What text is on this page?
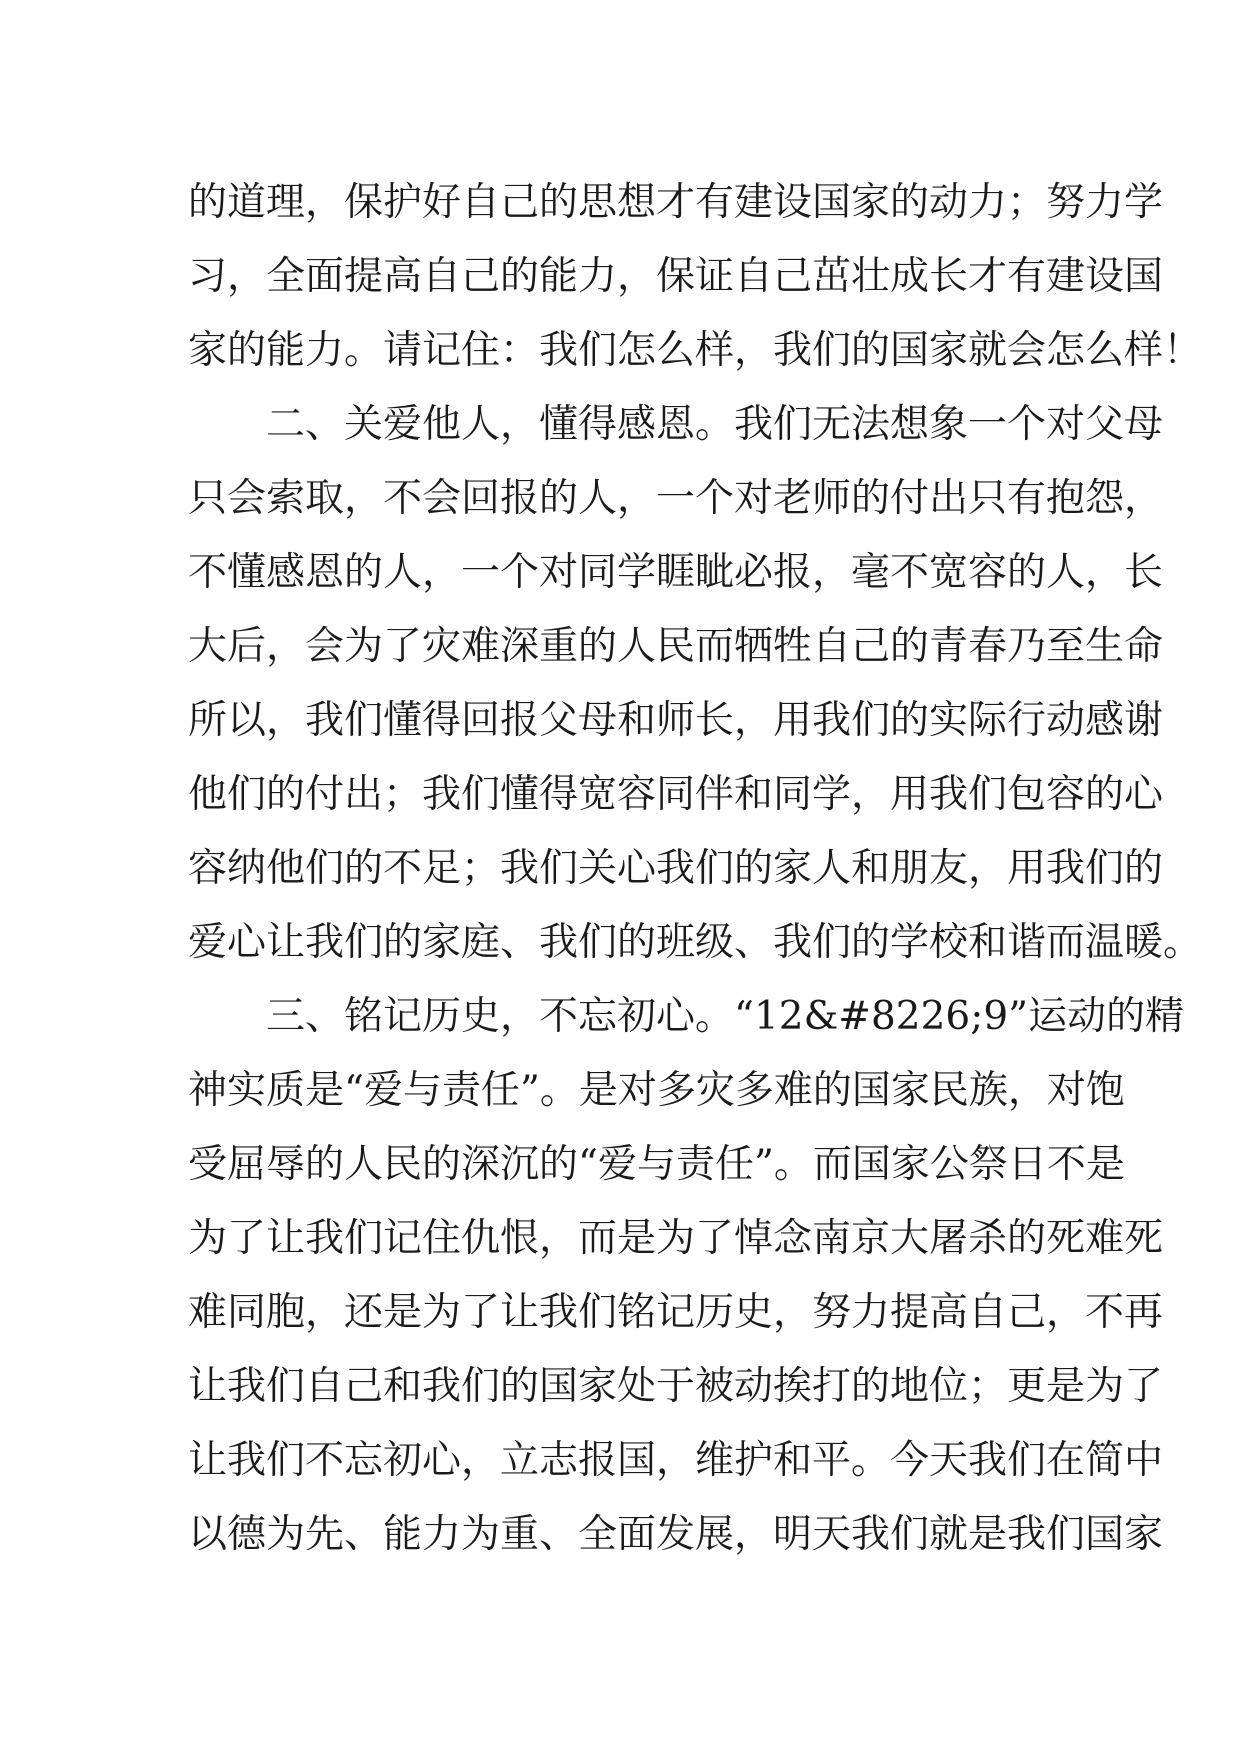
的道理，保护好自己的思想才有建设国家的动力；努力学
习，全面提高自己的能力，保证自己茁壮成长才有建设国
家的能力。请记住：我们怎么样，我们的国家就会怎么样！
二、关爱他人，懂得感恩。我们无法想象一个对父母
只会索取，不会回报的人，一个对老师的付出只有抱怨，
不懂感恩的人，一个对同学睚眦必报，毫不宽容的人，长
大后，会为了灾难深重的人民而牺牲自己的青春乃至生命
所以，我们懂得回报父母和师长，用我们的实际行动感谢
他们的付出；我们懂得宽容同伴和同学，用我们包容的心
容纳他们的不足；我们关心我们的家人和朋友，用我们的
爱心让我们的家庭、我们的班级、我们的学校和谐而温暖。
三、铭记历史，不忘初心。“12&#8226;9”运动的精
神实质是“爱与责任”。是对多灾多难的国家民族，对饱
受屈辱的人民的深沉的“爱与责任”。而国家公祭日不是
为了让我们记住仇恨，而是为了悼念南京大屠杀的死难死
难同胞，还是为了让我们铭记历史，努力提高自己，不再
让我们自己和我们的国家处于被动挨打的地位；更是为了
让我们不忘初心，立志报国，维护和平。今天我们在简中
以德为先、能力为重、全面发展，明天我们就是我们国家
